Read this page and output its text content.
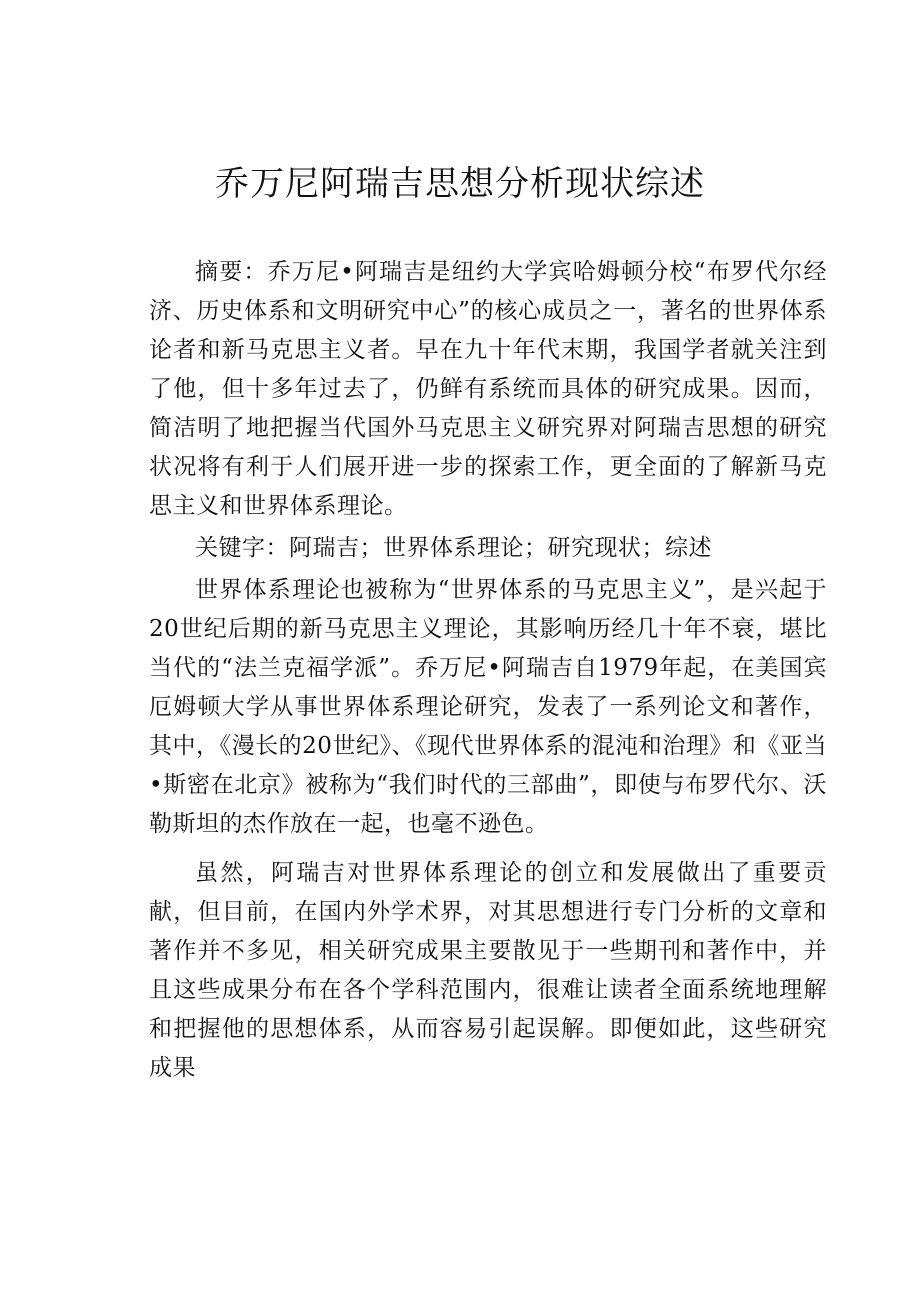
乔万尼阿瑞吉思想分析现状综述

摘要：乔万尼•阿瑞吉是纽约大学宾哈姆顿分校“布罗代尔经济、历史体系和文明研究中心”的核心成员之一，著名的世界体系论者和新马克思主义者。早在九十年代末期，我国学者就关注到了他，但十多年过去了，仍鲜有系统而具体的研究成果。因而，简洁明了地把握当代国外马克思主义研究界对阿瑞吉思想的研究状况将有利于人们展开进一步的探索工作，更全面的了解新马克思主义和世界体系理论。

关键字：阿瑞吉；世界体系理论；研究现状；综述

世界体系理论也被称为“世界体系的马克思主义”，是兴起于20世纪后期的新马克思主义理论，其影响历经几十年不衰，堪比当代的“法兰克福学派”。乔万尼•阿瑞吉自1979年起，在美国宾厄姆顿大学从事世界体系理论研究，发表了一系列论文和著作，其中，《漫长的20世纪》、《现代世界体系的混沌和治理》和《亚当•斯密在北京》被称为“我们时代的三部曲”，即使与布罗代尔、沃勒斯坦的杰作放在一起，也毫不逊色。

虽然，阿瑞吉对世界体系理论的创立和发展做出了重要贡献，但目前，在国内外学术界，对其思想进行专门分析的文章和著作并不多见，相关研究成果主要散见于一些期刊和著作中，并且这些成果分布在各个学科范围内，很难让读者全面系统地理解和把握他的思想体系，从而容易引起误解。即便如此，这些研究成果
